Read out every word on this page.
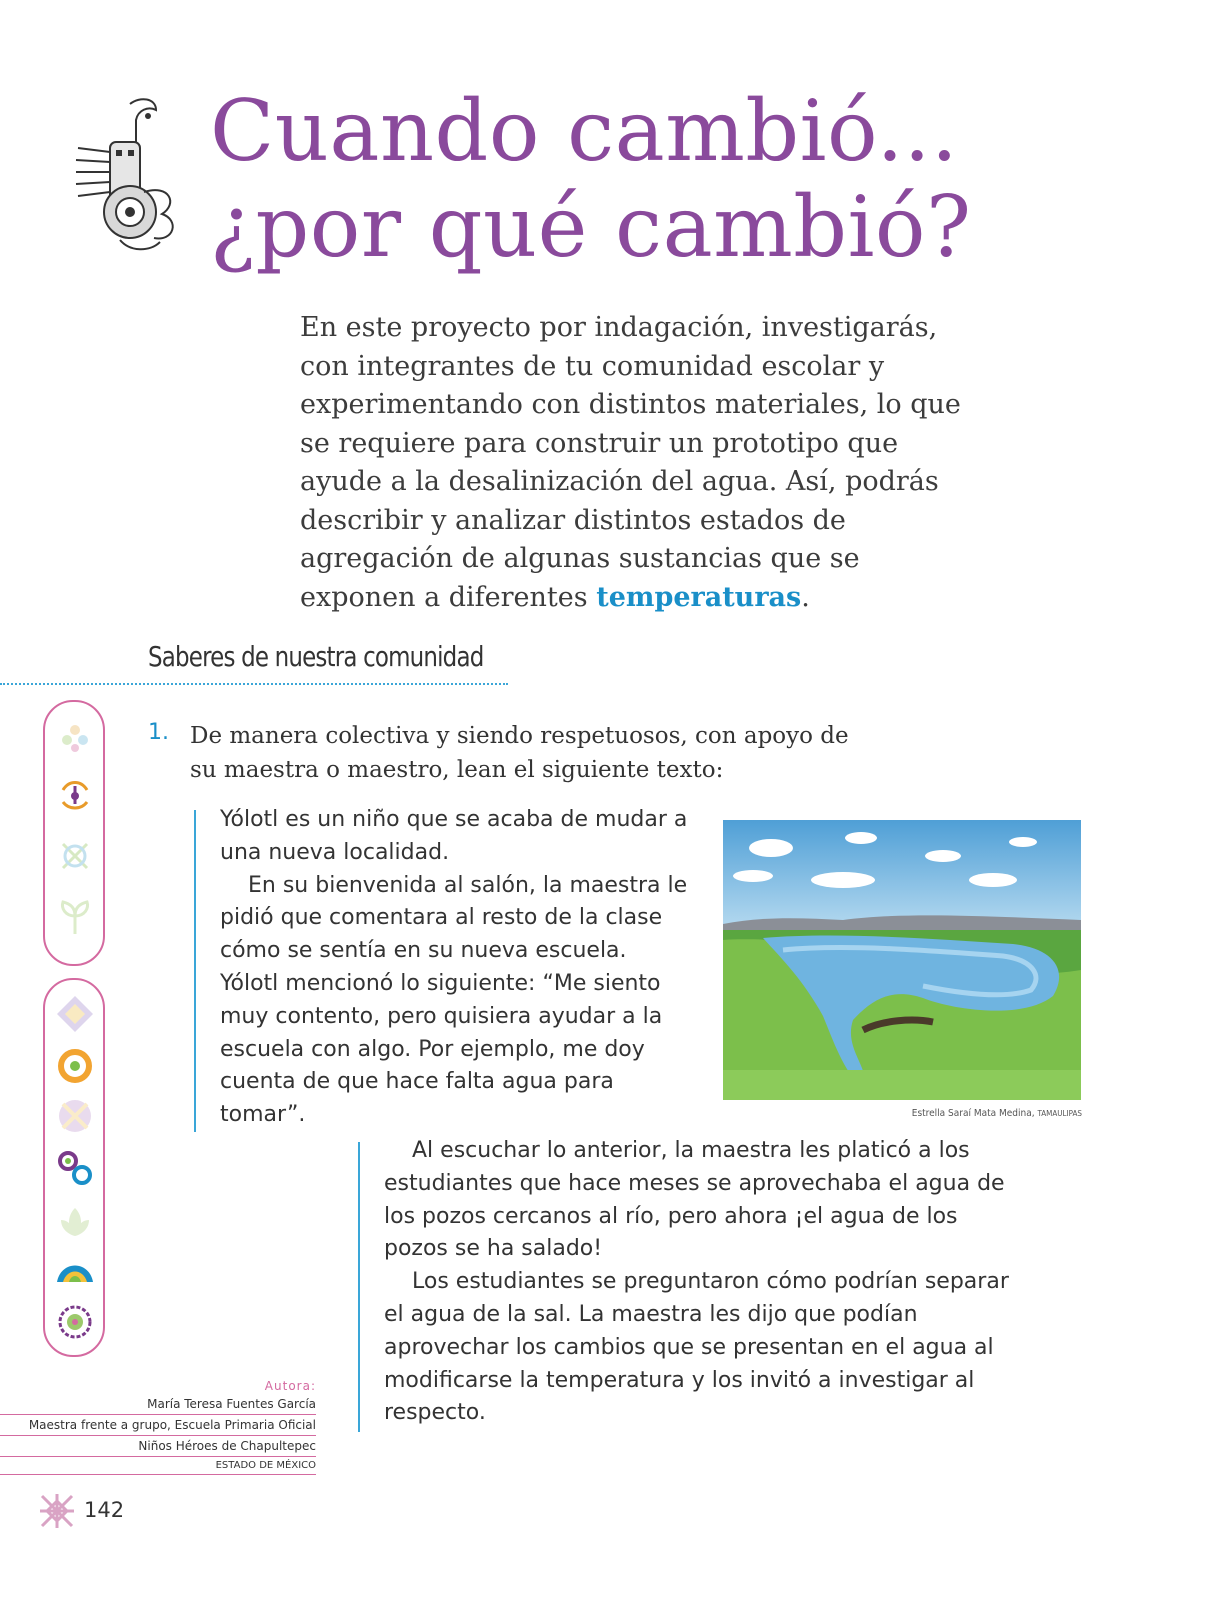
Cuando cambió...
¿por qué cambió?
En este proyecto por indagación, investigarás, con integrantes de tu comunidad escolar y experimentando con distintos materiales, lo que se requiere para construir un prototipo que ayude a la desalinización del agua. Así, podrás describir y analizar distintos estados de agregación de algunas sustancias que se exponen a diferentes temperaturas.
Saberes de nuestra comunidad
1. De manera colectiva y siendo respetuosos, con apoyo de su maestra o maestro, lean el siguiente texto:

Yólotl es un niño que se acaba de mudar a una nueva localidad.

En su bienvenida al salón, la maestra le pidió que comentara al resto de la clase cómo se sentía en su nueva escuela. Yólotl mencionó lo siguiente: “Me siento muy contento, pero quisiera ayudar a la escuela con algo. Por ejemplo, me doy cuenta de que hace falta agua para tomar”.	Estrella Saraí Mata Medina, TAMAULIPAS

Al escuchar lo anterior, la maestra les platicó a los estudiantes que hace meses se aprovechaba el agua de los pozos cercanos al río, pero ahora ¡el agua de los pozos se ha salado!

Los estudiantes se preguntaron cómo podrían separar el agua de la sal. La maestra les dijo que podían aprovechar los cambios que se presentan en el agua al modificarse la temperatura y los invitó a investigar al respecto.

Autora:
María Teresa Fuentes García
Maestra frente a grupo, Escuela Primaria Oficial
Niños Héroes de Chapultepec
ESTADO DE MÉXICO
142
